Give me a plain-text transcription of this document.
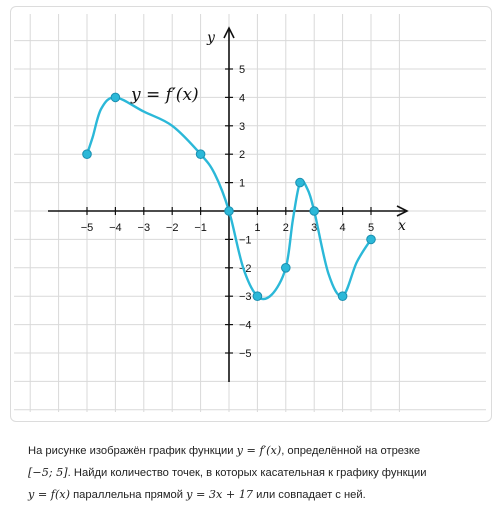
−5 −4 −3 −2 −1	1 2 3 4 5
5
4
3
2
1
−1
−2
−3
−4
−5
x
y
y = f′(x)
На рисунке изображён график функции y = f′(x), определённой на отрезке
[−5; 5]. Найди количество точек, в которых касательная к графику функции
y = f(x) параллельна прямой y = 3x + 17 или совпадает с ней.
